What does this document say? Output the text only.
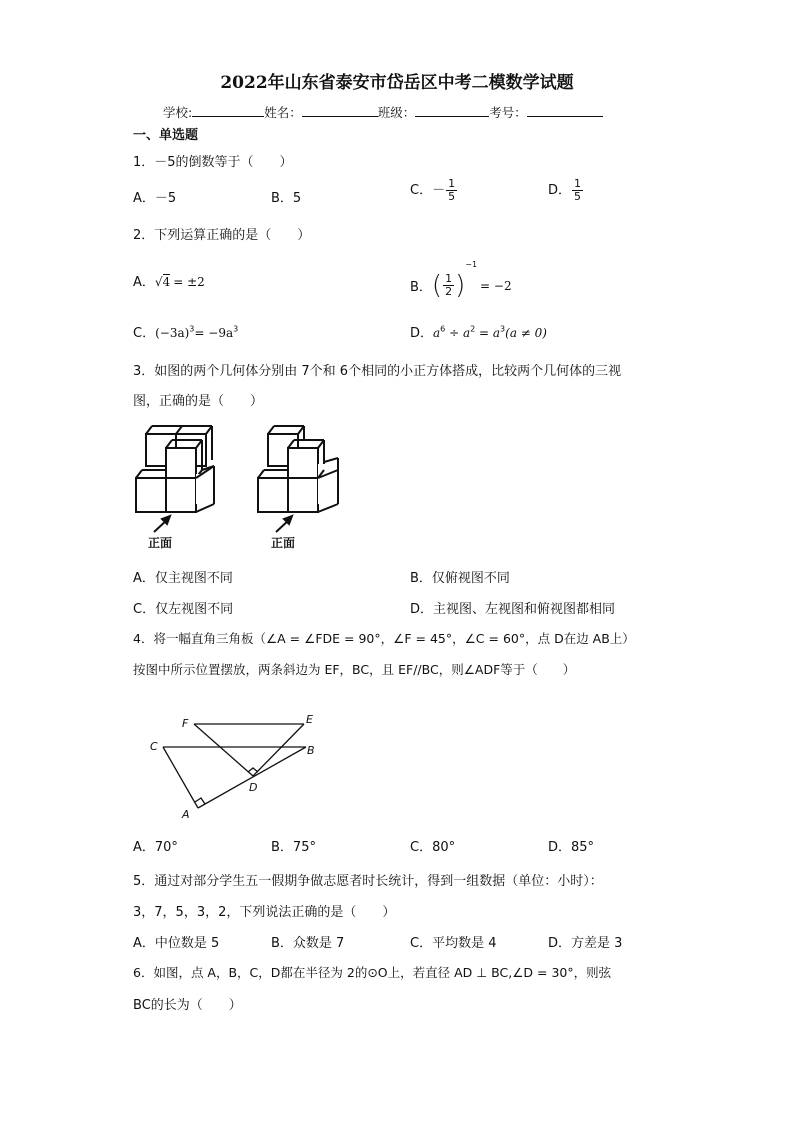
2022年山东省泰安市岱岳区中考二模数学试题
学校:	姓名：	班级：	考号：
一、单选题
1．－5的倒数等于（　　）
A．－5	B．5
C．－ $\frac{1}{5}$	D． $\frac{1}{5}$
2．下列运算正确的是（　　）
A．√4 = ±2	B．( $\frac{1}{2} )^{-1}= -2$
C．$(-3a)^3= -9a^3$	D．$a^6 \div a^2 = a^3(a \ne 0)$
3．如图的两个几何体分别由 7个和 6个相同的小正方体搭成，比较两个几何体的三视
图，正确的是（　　）
正面	正面
A．仅主视图不同	B．仅俯视图不同
C．仅左视图不同	D．主视图、左视图和俯视图都相同
4．将一幅直角三角板（∠A = ∠FDE = 90°，∠F = 45°，∠C = 60°，点 D在边 AB上）
按图中所示位置摆放，两条斜边为 EF，BC，且 EF//BC，则∠ADF等于（　　）
F	E
C	B
D
A
A．70°	B．75°	C．80°	D．85°
5．通过对部分学生五一假期争做志愿者时长统计，得到一组数据（单位：小时）：
3，7，5，3，2，下列说法正确的是（　　）
A．中位数是 5	B．众数是 7	C．平均数是 4	D．方差是 3
6．如图，点 A，B，C，D都在半径为 2的⊙O上，若直径 AD ⊥ BC,∠D = 30°，则弦
BC的长为（　　）
